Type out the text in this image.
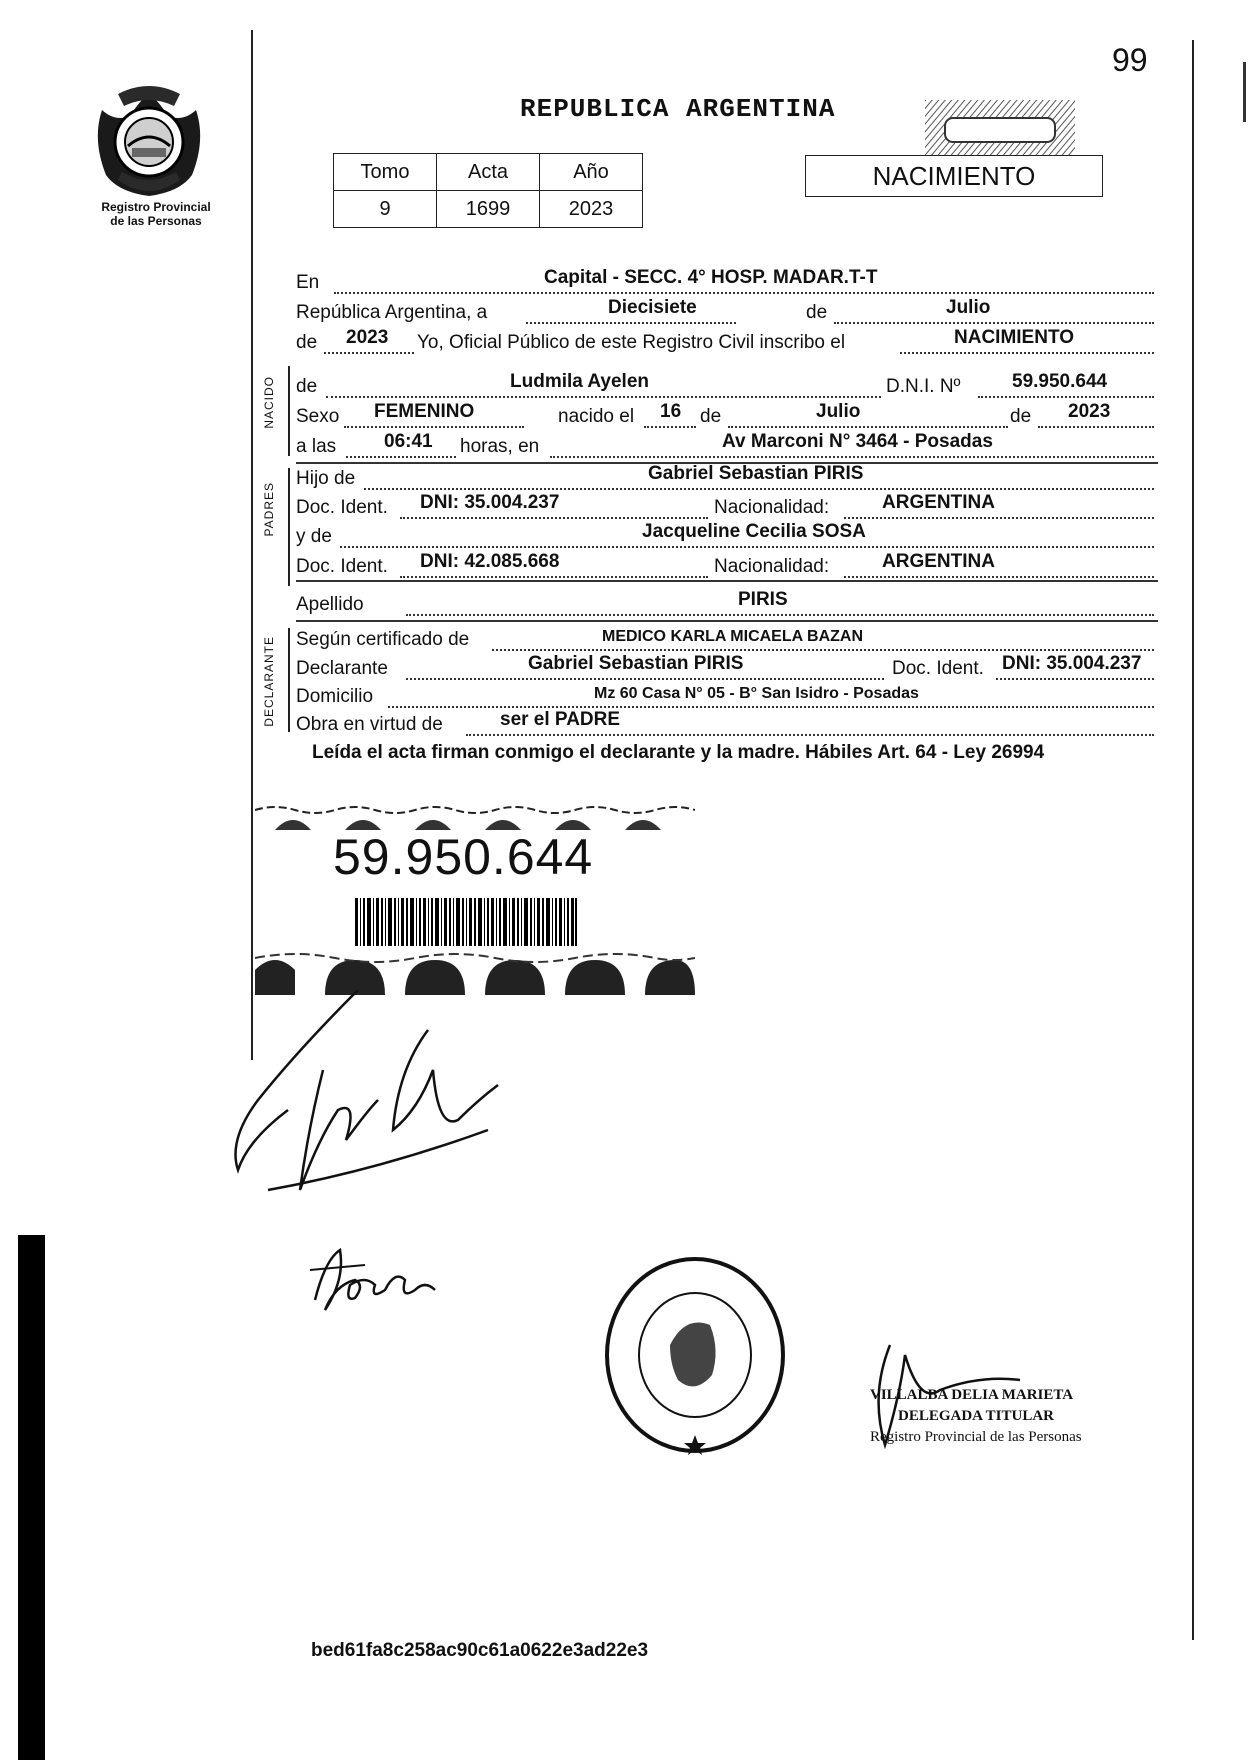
99
Registro Provincial
de las Personas
REPUBLICA ARGENTINA
Tomo	Acta	Año
9	1699	2023
NACIMIENTO
En	Capital - SECC. 4° HOSP. MADAR.T-T
República Argentina, a	Diecisiete	de	Julio
de 2023 Yo, Oficial Público de este Registro Civil inscribo el	NACIMIENTO
NACIDO de	Ludmila Ayelen	D.N.I. Nº	59.950.644
Sexo FEMENINO	nacido el 16 de	Julio	de 2023
a las	06:41 horas, en	Av Marconi N° 3464 - Posadas
PADRES
Hijo de	Gabriel Sebastian PIRIS
Doc. Ident. DNI: 35.004.237	Nacionalidad:	ARGENTINA
y de	Jacqueline Cecilia SOSA
Doc. Ident. DNI: 42.085.668	Nacionalidad:	ARGENTINA
Apellido	PIRIS
DECLARANTE Según certificado de	MEDICO KARLA MICAELA BAZAN
Declarante	Gabriel Sebastian PIRIS	Doc. Ident. DNI: 35.004.237
Domicilio	Mz 60 Casa N° 05 - B° San Isidro - Posadas
Obra en virtud de	ser el PADRE
Leída el acta firman conmigo el declarante y la madre. Hábiles Art. 64 - Ley 26994
59.950.644
VILLALBA DELIA MARIETA
DELEGADA TITULAR
Registro Provincial de las Personas
bed61fa8c258ac90c61a0622e3ad22e3
